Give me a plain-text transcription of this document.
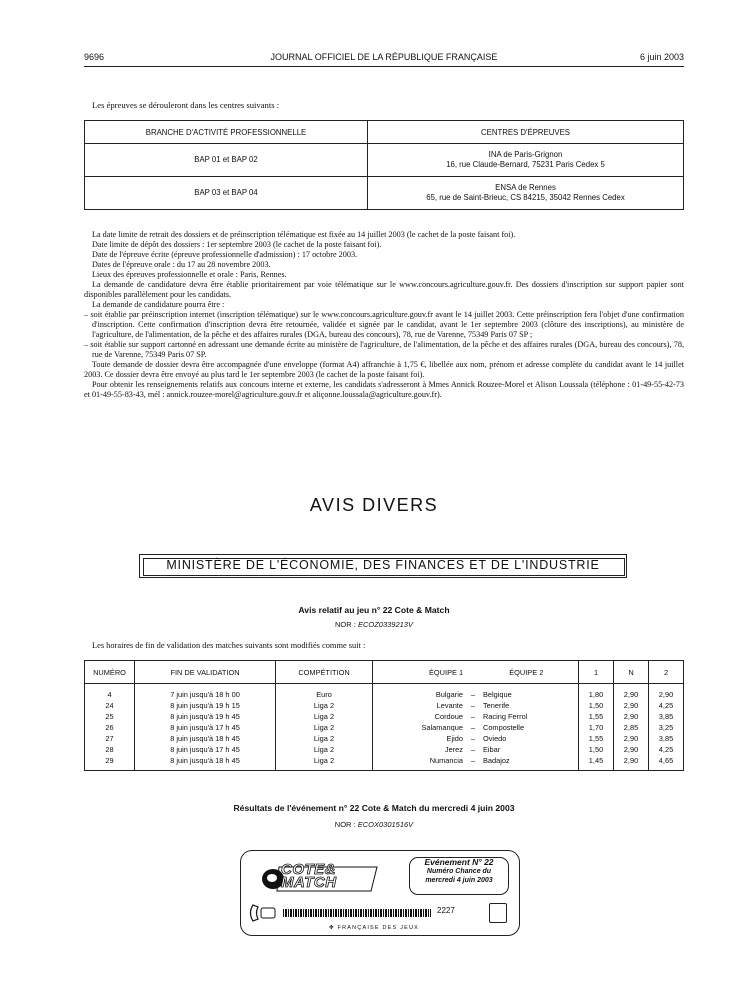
9696	JOURNAL OFFICIEL DE LA RÉPUBLIQUE FRANÇAISE	6 juin 2003
Les épreuves se dérouleront dans les centres suivants :
BRANCHE D'ACTIVITÉ PROFESSIONNELLE	CENTRES D'ÉPREUVES
BAP 01 et BAP 02	INA de Paris-Grignon
16, rue Claude-Bernard, 75231 Paris Cedex 5

BAP 03 et BAP 04	ENSA de Rennes
65, rue de Saint-Brieuc, CS 84215, 35042 Rennes Cedex

La date limite de retrait des dossiers et de préinscription télématique est fixée au 14 juillet 2003 (le cachet de la poste faisant foi).

Date limite de dépôt des dossiers : 1er septembre 2003 (le cachet de la poste faisant foi).

Date de l'épreuve écrite (épreuve professionnelle d'admission) : 17 octobre 2003.

Dates de l'épreuve orale : du 17 au 28 novembre 2003.

Lieux des épreuves professionnelle et orale : Paris, Rennes.

La demande de candidature devra être établie prioritairement par voie télématique sur le www.concours.agriculture.gouv.fr. Des dossiers d'inscription sur support papier sont disponibles parallèlement pour les candidats.

La demande de candidature pourra être :

– soit établie par préinscription internet (inscription télématique) sur le www.concours.agriculture.gouv.fr avant le 14 juillet 2003. Cette préinscription fera l'objet d'une confirmation d'inscription. Cette confirmation d'inscription devra être retournée, validée et signée par le candidat, avant le 1er septembre 2003 (clôture des inscriptions), au ministère de l'agriculture, de l'alimentation, de la pêche et des affaires rurales (DGA, bureau des concours), 78, rue de Varenne, 75349 Paris 07 SP ;

– soit établie sur support cartonné en adressant une demande écrite au ministère de l'agriculture, de l'alimentation, de la pêche et des affaires rurales (DGA, bureau des concours), 78, rue de Varenne, 75349 Paris 07 SP.

Toute demande de dossier devra être accompagnée d'une enveloppe (format A4) affranchie à 1,75 €, libellée aux nom, prénom et adresse complète du candidat avant le 14 juillet 2003. Ce dossier devra être envoyé au plus tard le 1er septembre 2003 (le cachet de la poste faisant foi).

Pour obtenir les renseignements relatifs aux concours interne et externe, les candidats s'adresseront à Mmes Annick Rouzee-Morel et Alison Loussala (téléphone : 01-49-55-42-73 et 01-49-55-83-43, mél : annick.rouzee-morel@agriculture.gouv.fr et aliçonne.loussala@agriculture.gouv.fr).

AVIS DIVERS
MINISTÈRE DE L'ÉCONOMIE, DES FINANCES ET DE L'INDUSTRIE
Avis relatif au jeu n° 22 Cote & Match
NOR : ECOZ0339213V
Les horaires de fin de validation des matches suivants sont modifiés comme suit :
NUMÉRO	FIN DE VALIDATION	COMPÉTITION	ÉQUIPE 1 ÉQUIPE 2			1	N	2
4	7 juin jusqu'à 18 h 00	Euro	Bulgarie	–	Belgique	1,80	2,90	2,90
24	8 juin jusqu'à 19 h 15	Liga 2	Levante	–	Tenerife	1,50	2,90	4,25
25	8 juin jusqu'à 19 h 45	Liga 2	Cordoue	–	Racing Ferrol	1,55	2,90	3,85
26	8 juin jusqu'à 17 h 45	Liga 2	Salamanque	–	Compostelle	1,70	2,85	3,25
27	8 juin jusqu'à 18 h 45	Liga 2	Ejido	–	Oviedo	1,55	2,90	3,85
28	8 juin jusqu'à 17 h 45	Liga 2	Jerez	–	Eibar	1,50	2,90	4,25
29	8 juin jusqu'à 18 h 45	Liga 2	Numancia	–	Badajoz	1,45	2,90	4,65
Résultats de l'événement n° 22 Cote & Match du mercredi 4 juin 2003
NOR : ECOX0301516V
COTE&
MATCH
Evénement N° 22
Numéro Chance du
mercredi 4 juin 2003
2227
✤ FRANÇAISE DES JEUX
